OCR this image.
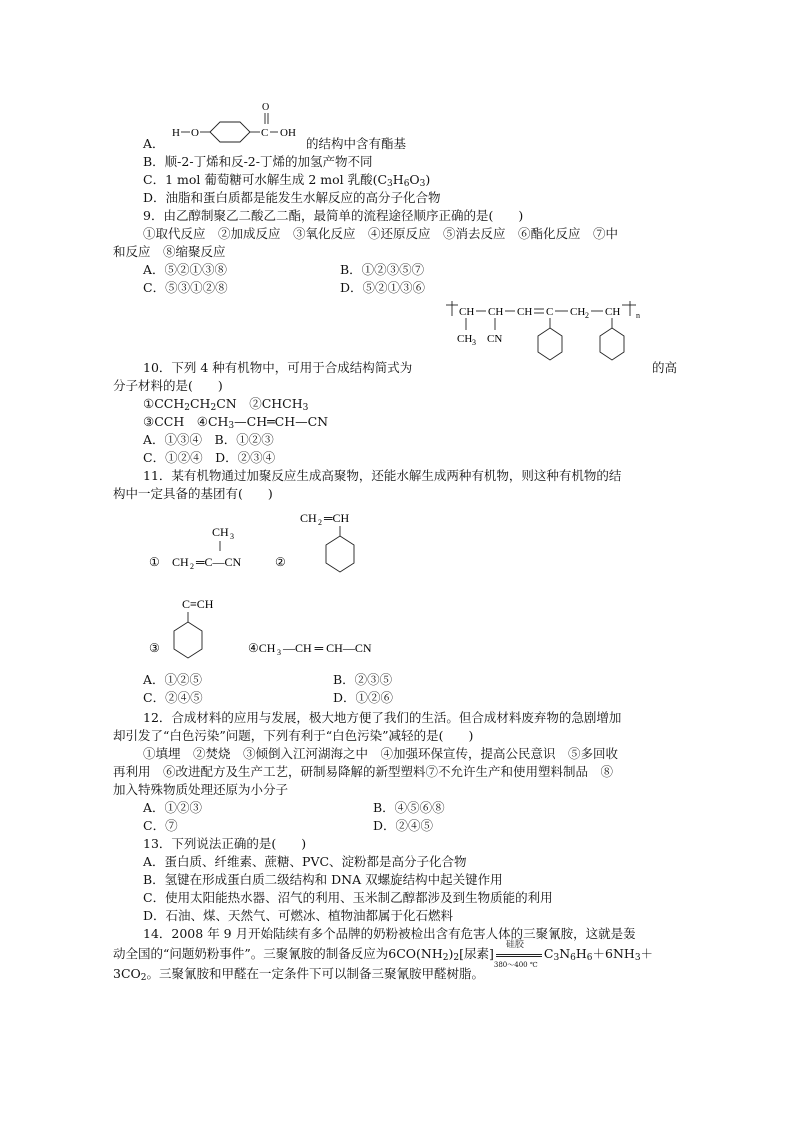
A．
H O	C
O
OH
的结构中含有酯基
B．顺-2-丁烯和反-2-丁烯的加氢产物不同
C．1 mol 葡萄糖可水解生成 2 mol 乳酸$(C_3H_6O_3)$
D．油脂和蛋白质都是能发生水解反应的高分子化合物
9．由乙醇制聚乙二酸乙二酯，最简单的流程途径顺序正确的是(　　)
①取代反应　②加成反应　③氧化反应　④还原反应　⑤消去反应　⑥酯化反应　⑦中
和反应　⑧缩聚反应
A．⑤②①③⑧	B．①②③⑤⑦
C．⑤③①②⑧	D．⑤②①③⑥
CH CH CH C CH 2 CH n
CH 3 CN
10．下列 4 种有机物中，可用于合成结构简式为	的高
分子材料的是(　　)
$①CCH_2CH_2CN$　$②CHCH_3$
③CCH　$④CH_3—CH═CH—CN$
A．①③④　B．①②③
C．①②④　D．②③④
11．某有机物通过加聚反应生成高聚物，还能水解生成两种有机物，则这种有机物的结
构中一定具备的基团有(　　)
① CH 2 ═C—CN
CH 3
②
CH 2 ═CH
C≡CH
③	④CH 3 —CH ═ CH—CN
A．①②⑤	B．②③⑤
C．②④⑤	D．①②⑥
12．合成材料的应用与发展，极大地方便了我们的生活。但合成材料废弃物的急剧增加
却引发了“白色污染”问题，下列有利于“白色污染”减轻的是(　　)
①填埋　②焚烧　③倾倒入江河湖海之中　④加强环保宣传，提高公民意识　⑤多回收
再利用　⑥改进配方及生产工艺，研制易降解的新型塑料⑦不允许生产和使用塑料制品　⑧
加入特殊物质处理还原为小分子
A．①②③	B．④⑤⑥⑧
C．⑦	D．②④⑤
13．下列说法正确的是(　　)
A．蛋白质、纤维素、蔗糖、PVC、淀粉都是高分子化合物
B．氢键在形成蛋白质二级结构和 DNA 双螺旋结构中起关键作用
C．使用太阳能热水器、沼气的利用、玉米制乙醇都涉及到生物质能的利用
D．石油、煤、天然气、可燃冰、植物油都属于化石燃料
14．2008 年 9 月开始陆续有多个品牌的奶粉被检出含有危害人体的三聚氰胺，这就是轰
动全国的“问题奶粉事件”。三聚氰胺的制备反应为$6CO(NH_2)_2$[尿素]
硅胶
380～400 ℃
$C_3N_6H_6+6NH_3+$
$3CO_2$。三聚氰胺和甲醛在一定条件下可以制备三聚氰胺甲醛树脂。
